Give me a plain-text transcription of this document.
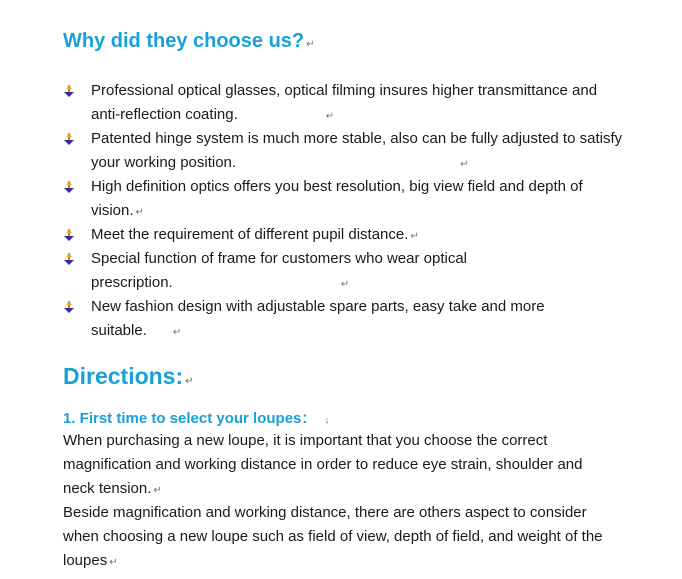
Why did they choose us? ↵
Professional optical glasses, optical filming insures higher transmittance and
anti-reflection coating.	↵
Patented hinge system is much more stable, also can be fully adjusted to satisfy
your working position.	↵
High definition optics offers you best resolution, big view field and depth of
vision. ↵
Meet the requirement of different pupil distance. ↵
Special function of frame for customers who wear optical
prescription.	↵
New fashion design with adjustable spare parts, easy take and more
suitable.	↵
Directions: ↵
1. First time to select your loupes： ↓
When purchasing a new loupe, it is important that you choose the correct
magnification and working distance in order to reduce eye strain, shoulder and
neck tension. ↵
Beside magnification and working distance, there are others aspect to consider
when choosing a new loupe such as field of view, depth of field, and weight of the
loupes ↵
